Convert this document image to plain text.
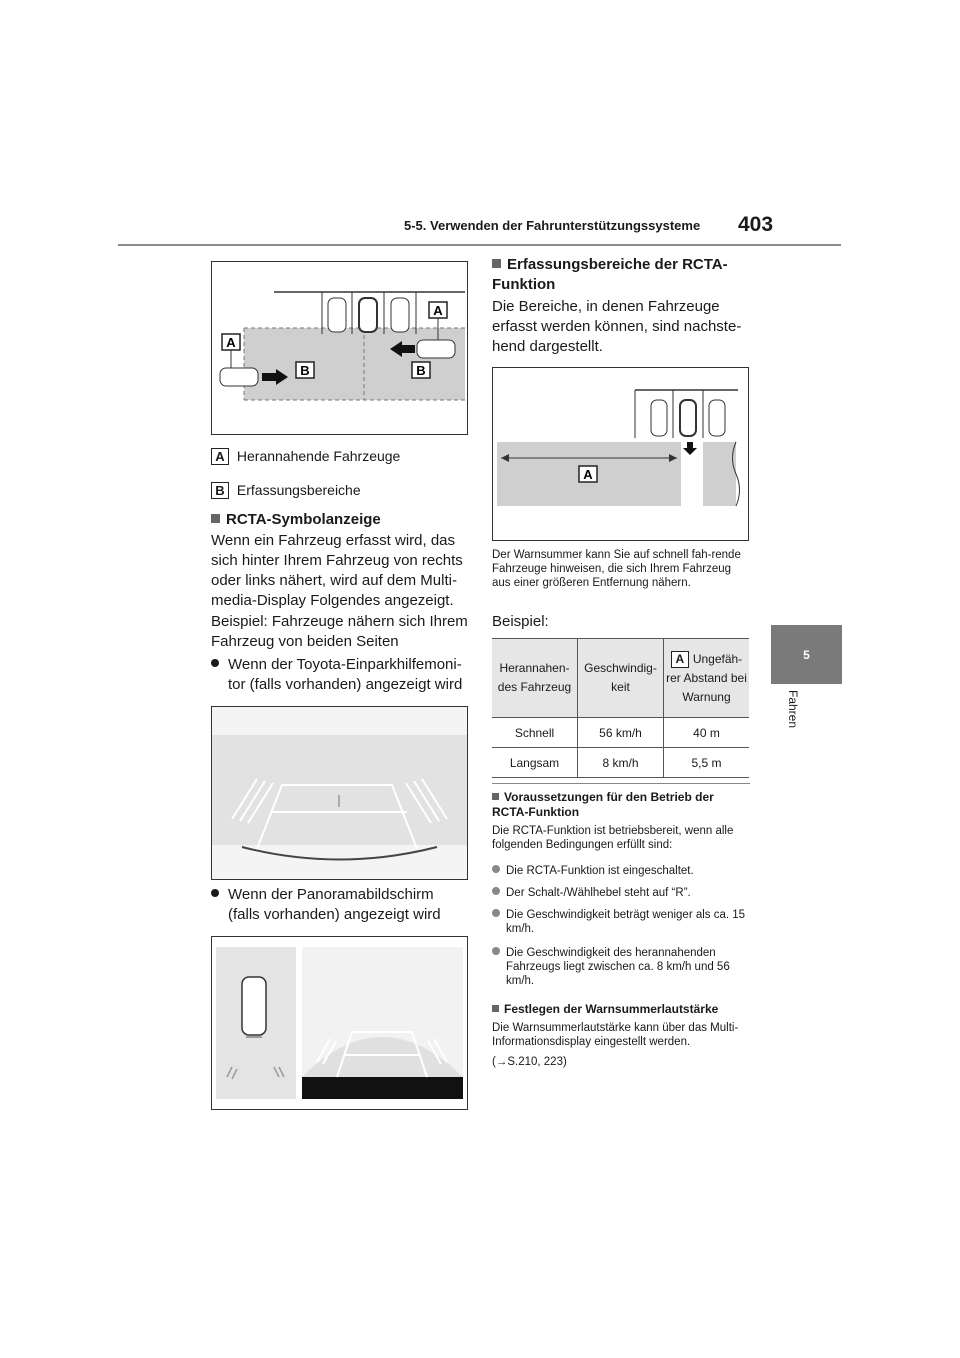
5-5. Verwenden der Fahrunterstützungssysteme 403
5
Fahren
A
A
B	B
A Herannahende Fahrzeuge
B Erfassungsbereiche
RCTA-Symbolanzeige
Wenn ein Fahrzeug erfasst wird, das sich hinter Ihrem Fahrzeug von rechts oder links nähert, wird auf dem Multi-media-Display Folgendes angezeigt.
Beispiel: Fahrzeuge nähern sich Ihrem Fahrzeug von beiden Seiten
Wenn der Toyota-Einparkhilfemoni-tor (falls vorhanden) angezeigt wird
Wenn der Panoramabildschirm (falls vorhanden) angezeigt wird
Erfassungsbereiche der RCTA-Funktion
Die Bereiche, in denen Fahrzeuge erfasst werden können, sind nachste-hend dargestellt.
A
Der Warnsummer kann Sie auf schnell fah-rende Fahrzeuge hinweisen, die sich Ihrem Fahrzeug aus einer größeren Entfernung nähern.
Beispiel:
Herannahen-des Fahrzeug	Geschwindig-keit	A Ungefäh-rer Abstand bei Warnung
Schnell	56 km/h	40 m
Langsam	8 km/h	5,5 m
Voraussetzungen für den Betrieb der RCTA-Funktion
Die RCTA-Funktion ist betriebsbereit, wenn alle folgenden Bedingungen erfüllt sind:
Die RCTA-Funktion ist eingeschaltet.
Der Schalt-/Wählhebel steht auf “R”.
Die Geschwindigkeit beträgt weniger als ca. 15 km/h.
Die Geschwindigkeit des herannahenden Fahrzeugs liegt zwischen ca. 8 km/h und 56 km/h.
Festlegen der Warnsummerlautstärke
Die Warnsummerlautstärke kann über das Multi-Informationsdisplay eingestellt werden.
(→S.210, 223)
